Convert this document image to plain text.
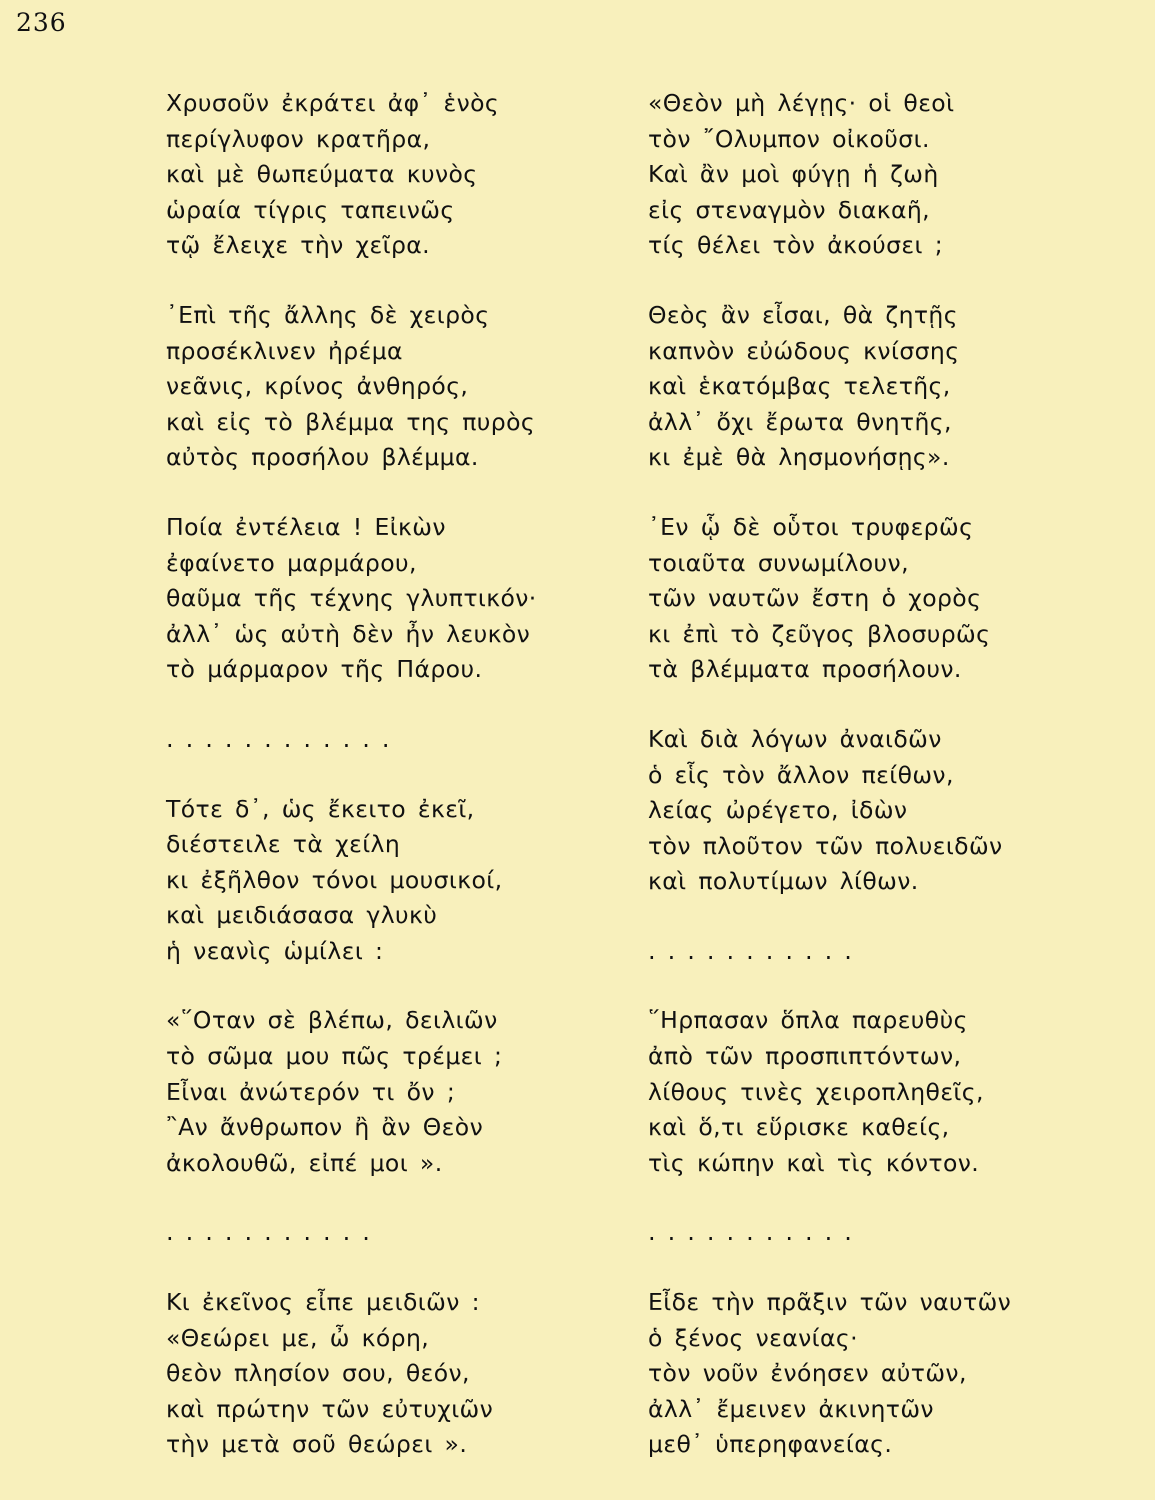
236
Χρυσοῦν ἐκράτει ἀφ᾽ ἑνὸς
περίγλυφον κρατῆρα,
καὶ μὲ θωπεύματα κυνὸς
ὡραία τίγρις ταπεινῶς
τῷ ἔλειχε τὴν χεῖρα.
᾽Επὶ τῆς ἄλλης δὲ χειρὸς
προσέκλινεν ἠρέμα
νεᾶνις, κρίνος ἀνθηρός,
καὶ εἰς τὸ βλέμμα της πυρὸς
αὐτὸς προσήλου βλέμμα.
Ποία ἐντέλεια ! Εἰκὼν
ἐφαίνετο μαρμάρου,
θαῦμα τῆς τέχνης γλυπτικόν·
ἀλλ᾽ ὡς αὐτὴ δὲν ἦν λευκὸν
τὸ μάρμαρον τῆς Πάρου.
............
Τότε δ᾽, ὡς ἔκειτο ἐκεῖ,
διέστειλε τὰ χείλη
κι ἐξῆλθον τόνοι μουσικοί,
καὶ μειδιάσασα γλυκὺ
ἡ νεανὶς ὡμίλει :
«῞Οταν σὲ βλέπω, δειλιῶν
τὸ σῶμα μου πῶς τρέμει ;
Εἶναι ἀνώτερόν τι ὄν ;
῍Αν ἄνθρωπον ἢ ἂν Θεὸν
ἀκολουθῶ, εἰπέ μοι ».
...........
Κι ἐκεῖνος εἶπε μειδιῶν :
«Θεώρει με, ὦ κόρη,
θεὸν πλησίον σου, θεόν,
καὶ πρώτην τῶν εὐτυχιῶν
τὴν μετὰ σοῦ θεώρει ».
«Θεὸν μὴ λέγῃς· οἱ θεοὶ
τὸν ῎Ολυμπον οἰκοῦσι.
Καὶ ἂν μοὶ φύγῃ ἡ ζωὴ
εἰς στεναγμὸν διακαῆ,
τίς θέλει τὸν ἀκούσει ;
Θεὸς ἂν εἶσαι, θὰ ζητῇς
καπνὸν εὐώδους κνίσσης
καὶ ἑκατόμβας τελετῆς,
ἀλλ᾽ ὄχι ἔρωτα θνητῆς,
κι ἐμὲ θὰ λησμονήσῃς».
᾽Εν ᾧ δὲ οὗτοι τρυφερῶς
τοιαῦτα συνωμίλουν,
τῶν ναυτῶν ἔστη ὁ χορὸς
κι ἐπὶ τὸ ζεῦγος βλοσυρῶς
τὰ βλέμματα προσήλουν.
Καὶ διὰ λόγων ἀναιδῶν
ὁ εἷς τὸν ἄλλον πείθων,
λείας ὠρέγετο, ἰδὼν
τὸν πλοῦτον τῶν πολυειδῶν
καὶ πολυτίμων λίθων.
...........
῞Ηρπασαν ὅπλα παρευθὺς
ἀπὸ τῶν προσπιπτόντων,
λίθους τινὲς χειροπληθεῖς,
καὶ ὅ,τι εὕρισκε καθείς,
τὶς κώπην καὶ τὶς κόντον.
...........
Εἶδε τὴν πρᾶξιν τῶν ναυτῶν
ὁ ξένος νεανίας·
τὸν νοῦν ἐνόησεν αὐτῶν,
ἀλλ᾽ ἔμεινεν ἀκινητῶν
μεθ᾽ ὑπερηφανείας.
